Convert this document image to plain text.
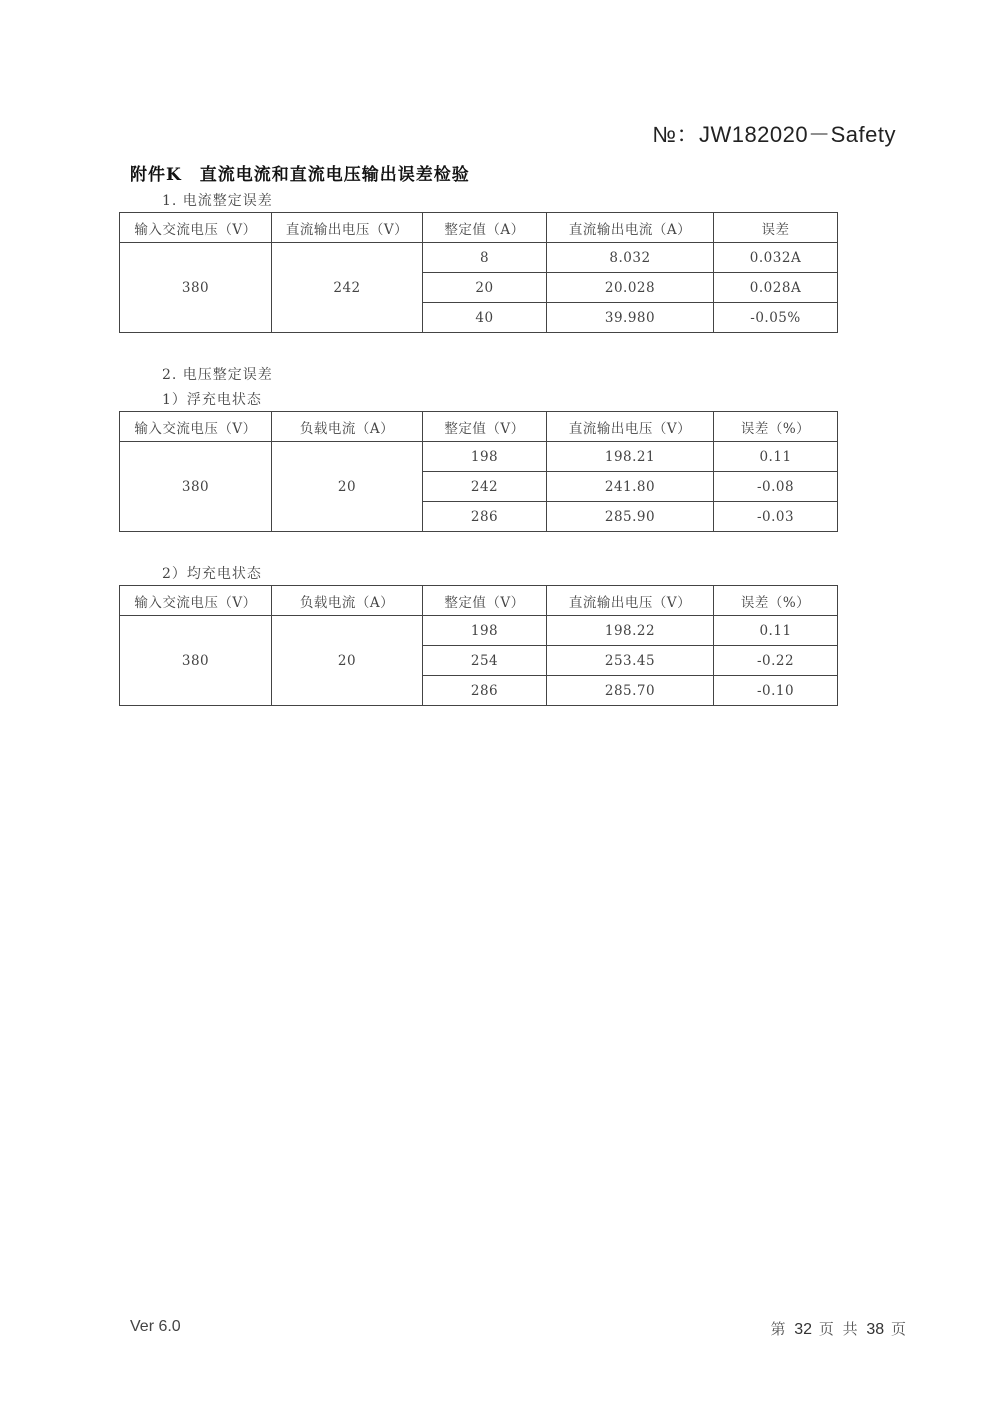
№：JW182020－Safety
附件K　直流电流和直流电压输出误差检验
1. 电流整定误差
输入交流电压（V）	直流输出电压（V）	整定值（A）	直流输出电流（A）	误差
380	242	8	8.032	0.032A
		20	20.028	0.028A
		40	39.980	-0.05%
2. 电压整定误差
1）浮充电状态
输入交流电压（V）	负载电流（A）	整定值（V）	直流输出电压（V）	误差（%）
380	20	198	198.21	0.11
		242	241.80	-0.08
		286	285.90	-0.03
2）均充电状态
输入交流电压（V）	负载电流（A）	整定值（V）	直流输出电压（V）	误差（%）
380	20	198	198.22	0.11
		254	253.45	-0.22
		286	285.70	-0.10
Ver 6.0	第 32 页 共 38 页
